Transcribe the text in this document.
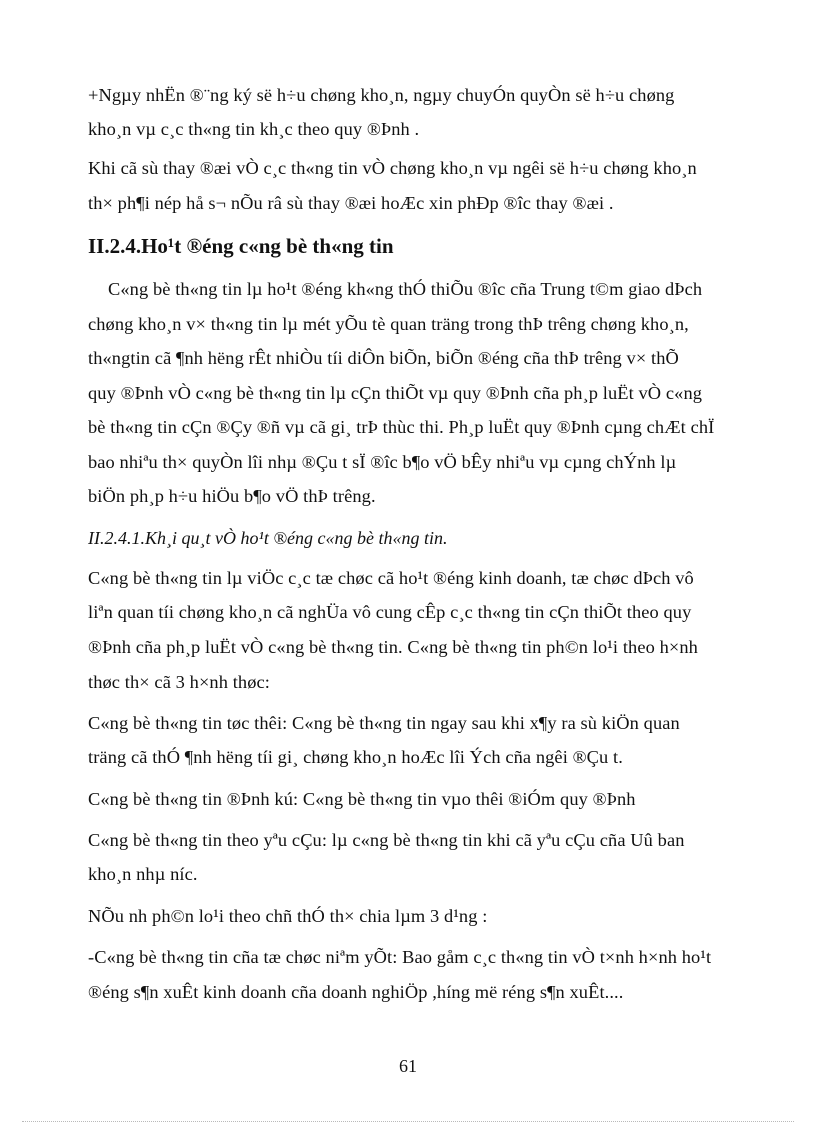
+Ngµy nhËn ®¨ng ký së h÷u chøng kho¸n, ngµy chuyÓn quyÒn së h÷u chøng
kho¸n vµ c¸c th«ng tin kh¸c theo quy ®Þnh .
Khi cã sù thay ®æi vÒ c¸c th«ng tin vÒ chøng kho¸n vµ ngêi së h÷u chøng kho¸n
th× ph¶i nép hå s¬ nÕu râ sù thay ®æi hoÆc xin phÐp ®îc thay ®æi .
II.2.4.Ho¹t ®éng c«ng bè th«ng tin
C«ng bè th«ng tin lµ ho¹t ®éng kh«ng thÓ thiÕu ®îc cña Trung t©m giao dÞch
chøng kho¸n v× th«ng tin lµ mét yÕu tè quan träng trong thÞ trêng chøng kho¸n,
th«ngtin cã ¶nh hëng rÊt nhiÒu tíi diÔn biÕn, biÕn ®éng cña thÞ trêng v× thÕ
quy ®Þnh vÒ c«ng bè th«ng tin lµ cÇn thiÕt vµ quy ®Þnh cña ph¸p luËt vÒ c«ng
bè th«ng tin cÇn ®Çy ®ñ vµ cã gi¸ trÞ thùc thi. Ph¸p luËt quy ®Þnh cµng chÆt chÏ
bao nhiªu th× quyÒn lîi nhµ ®Çu t sÏ ®îc b¶o vÖ bÊy nhiªu vµ cµng chÝnh lµ
biÖn ph¸p h÷u hiÖu b¶o vÖ thÞ trêng.
II.2.4.1.Kh¸i qu¸t vÒ ho¹t ®éng c«ng bè th«ng tin.
C«ng bè th«ng tin lµ viÖc c¸c tæ chøc cã ho¹t ®éng kinh doanh, tæ chøc dÞch vô
liªn quan tíi chøng kho¸n cã nghÜa vô cung cÊp c¸c th«ng tin cÇn thiÕt theo quy
®Þnh cña ph¸p luËt vÒ c«ng bè th«ng tin. C«ng bè th«ng tin ph©n lo¹i theo h×nh
thøc th× cã 3 h×nh thøc:
C«ng bè th«ng tin tøc thêi: C«ng bè th«ng tin ngay sau khi x¶y ra sù kiÖn quan
träng cã thÓ ¶nh hëng tíi gi¸ chøng kho¸n hoÆc lîi Ých cña ngêi ®Çu t.
C«ng bè th«ng tin ®Þnh kú: C«ng bè th«ng tin vµo thêi ®iÓm quy ®Þnh
C«ng bè th«ng tin theo yªu cÇu: lµ c«ng bè th«ng tin khi cã yªu cÇu cña Uû ban
kho¸n nhµ níc.
NÕu nh ph©n lo¹i theo chñ thÓ th× chia lµm 3 d¹ng :
-C«ng bè th«ng tin cña tæ chøc niªm yÕt: Bao gåm c¸c th«ng tin vÒ t×nh h×nh ho¹t
®éng s¶n xuÊt kinh doanh cña doanh nghiÖp ,híng më réng s¶n xuÊt....
61
